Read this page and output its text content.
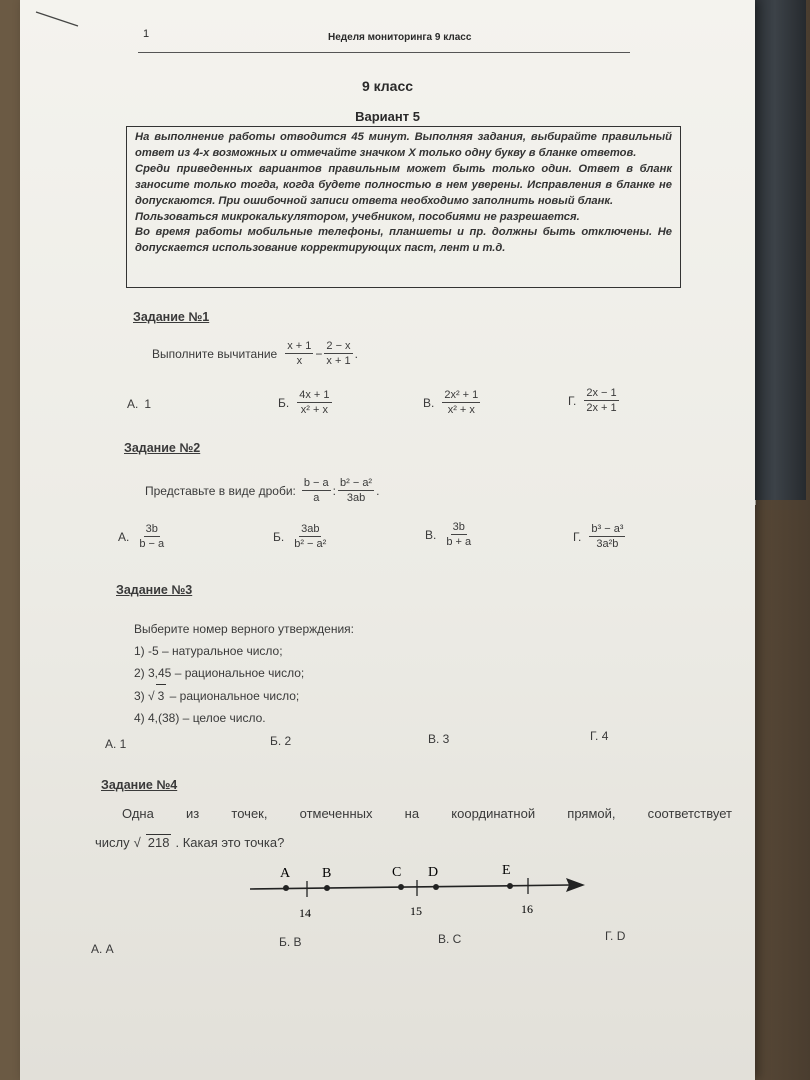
1	Неделя мониторинга 9 класс
9 класс
Вариант 5

На выполнение работы отводится 45 минут. Выполняя задания, выбирайте правильный ответ из 4-х возможных и отмечайте значком Х только одну букву в бланке ответов.

Среди приведенных вариантов правильным может быть только один. Ответ в бланк заносите только тогда, когда будете полностью в нем уверены. Исправления в бланке не допускаются. При ошибочной записи ответа необходимо заполнить новый бланк.

Пользоваться микрокалькулятором, учебником, пособиями не разрешается.

Во время работы мобильные телефоны, планшеты и пр. должны быть отключены. Не допускается использование корректирующих паст, лент и т.д.

Задание №1
Выполните вычитание $\frac{x + 1}{x} - \frac{2 - x}{x + 1}$ .
А. 1	Б. $\frac{4x + 1}{\text{x² + x}}$	В. $\frac{\text{2x² + 1}}{\text{x² + x}}$	Г. $\frac{2x - 1}{2x + 1}$
Задание №2
Представьте в виде дроби: $\frac{b - a}{a}$ : $\frac{\text{b² − a²}}{3ab}$ .
А. $\frac{3b}{b - a}$	Б. $\frac{3ab}{\text{b² − a²}}$	В. $\frac{3b}{b + a}$	Г. $\frac{\text{b³ − a³}}{\text{3a²b}}$
Задание №3
Выберите номер верного утверждения:
1) -5 – натуральное число;
2) 3,45 – рациональное число;
3) √ 3 – рациональное число;
4) 4,(38) – целое число.
А. 1	Б. 2	В. 3	Г. 4
Задание №4
Одна из точек, отмеченных на координатной прямой, соответствует
числу √ 218 . Какая это точка?
A B	C D	E
14	15	16
А. А	Б. В	В. С	Г. D
